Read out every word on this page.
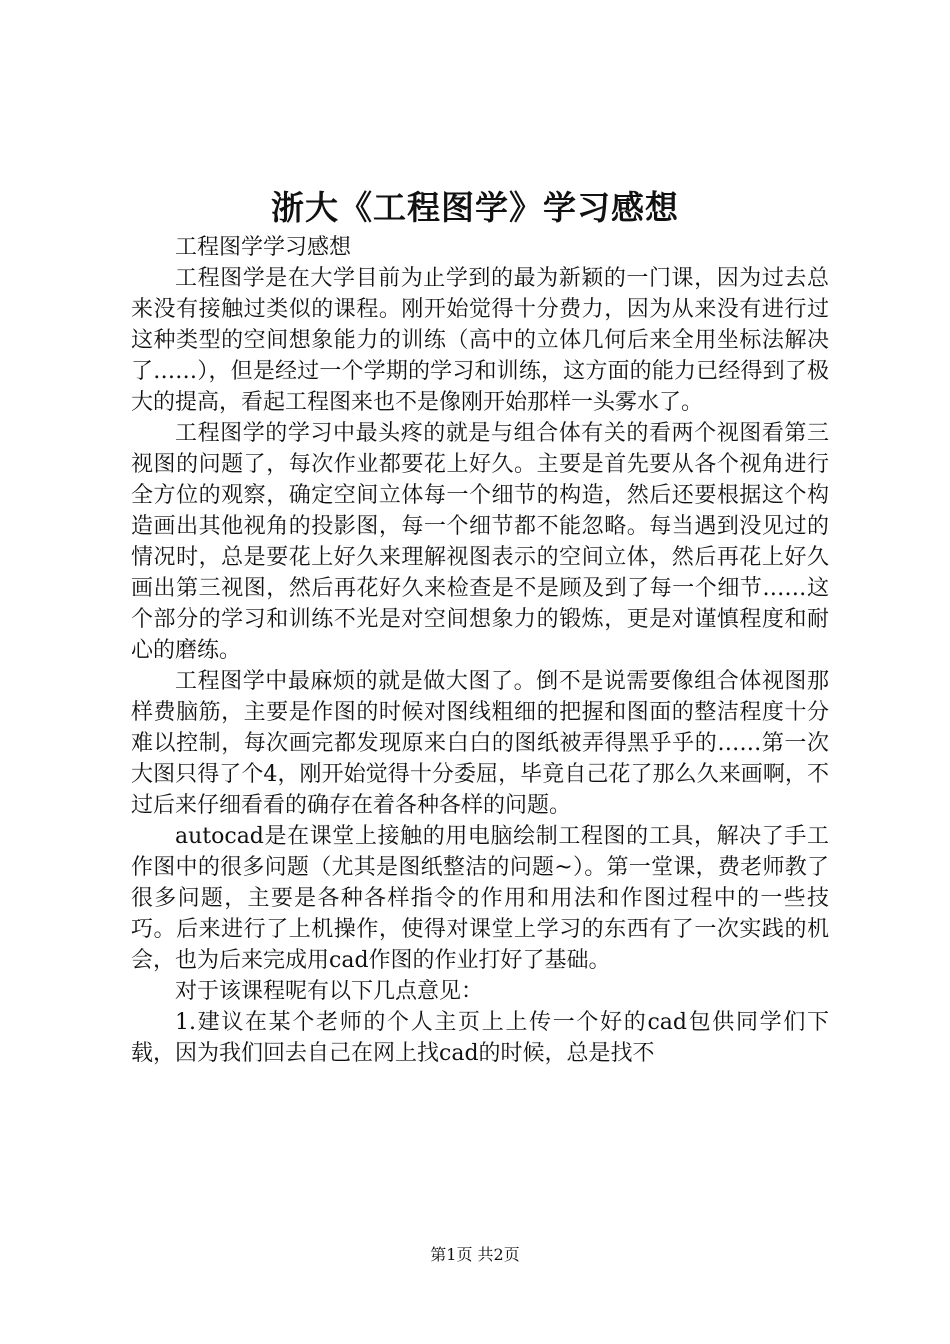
浙大《工程图学》学习感想

工程图学学习感想

工程图学是在大学目前为止学到的最为新颖的一门课，因为过去总来没有接触过类似的课程。刚开始觉得十分费力，因为从来没有进行过这种类型的空间想象能力的训练（高中的立体几何后来全用坐标法解决了……），但是经过一个学期的学习和训练，这方面的能力已经得到了极大的提高，看起工程图来也不是像刚开始那样一头雾水了。

工程图学的学习中最头疼的就是与组合体有关的看两个视图看第三视图的问题了，每次作业都要花上好久。主要是首先要从各个视角进行全方位的观察，确定空间立体每一个细节的构造，然后还要根据这个构造画出其他视角的投影图，每一个细节都不能忽略。每当遇到没见过的情况时，总是要花上好久来理解视图表示的空间立体，然后再花上好久画出第三视图，然后再花好久来检查是不是顾及到了每一个细节……这个部分的学习和训练不光是对空间想象力的锻炼，更是对谨慎程度和耐心的磨练。

工程图学中最麻烦的就是做大图了。倒不是说需要像组合体视图那样费脑筋，主要是作图的时候对图线粗细的把握和图面的整洁程度十分难以控制，每次画完都发现原来白白的图纸被弄得黑乎乎的……第一次大图只得了个4，刚开始觉得十分委屈，毕竟自己花了那么久来画啊，不过后来仔细看看的确存在着各种各样的问题。

autocad是在课堂上接触的用电脑绘制工程图的工具，解决了手工作图中的很多问题（尤其是图纸整洁的问题~）。第一堂课，费老师教了很多问题，主要是各种各样指令的作用和用法和作图过程中的一些技巧。后来进行了上机操作，使得对课堂上学习的东西有了一次实践的机会，也为后来完成用cad作图的作业打好了基础。

对于该课程呢有以下几点意见：

1.建议在某个老师的个人主页上上传一个好的cad包供同学们下载，因为我们回去自己在网上找cad的时候，总是找不

第1页 共2页
